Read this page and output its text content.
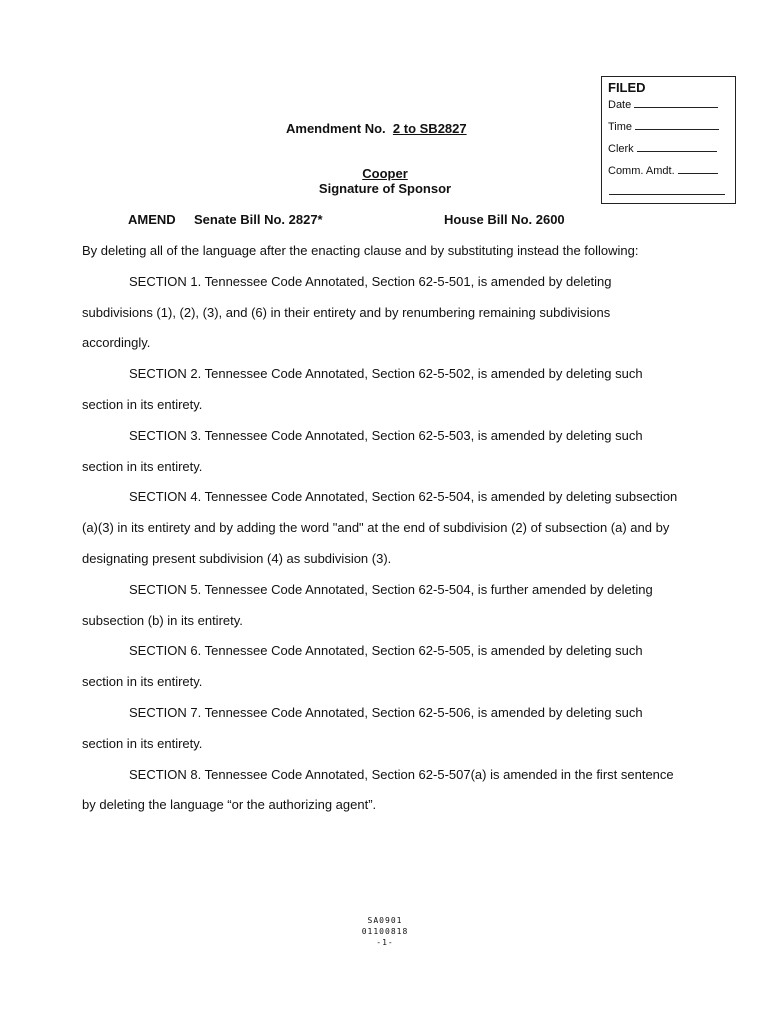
FILED
Date
Time
Clerk
Comm. Amdt.
Amendment No. 2 to SB2827
Cooper
Signature of Sponsor
AMEND Senate Bill No. 2827*	House Bill No. 2600

By deleting all of the language after the enacting clause and by substituting instead the following:

SECTION 1. Tennessee Code Annotated, Section 62-5-501, is amended by deleting subdivisions (1), (2), (3), and (6) in their entirety and by renumbering remaining subdivisions accordingly.

SECTION 2. Tennessee Code Annotated, Section 62-5-502, is amended by deleting such section in its entirety.

SECTION 3. Tennessee Code Annotated, Section 62-5-503, is amended by deleting such section in its entirety.

SECTION 4. Tennessee Code Annotated, Section 62-5-504, is amended by deleting subsection (a)(3) in its entirety and by adding the word "and" at the end of subdivision (2) of subsection (a) and by designating present subdivision (4) as subdivision (3).

SECTION 5. Tennessee Code Annotated, Section 62-5-504, is further amended by deleting subsection (b) in its entirety.

SECTION 6. Tennessee Code Annotated, Section 62-5-505, is amended by deleting such section in its entirety.

SECTION 7. Tennessee Code Annotated, Section 62-5-506, is amended by deleting such section in its entirety.

SECTION 8. Tennessee Code Annotated, Section 62-5-507(a) is amended in the first sentence by deleting the language “or the authorizing agent”.

SA0901
01100818
-1-
